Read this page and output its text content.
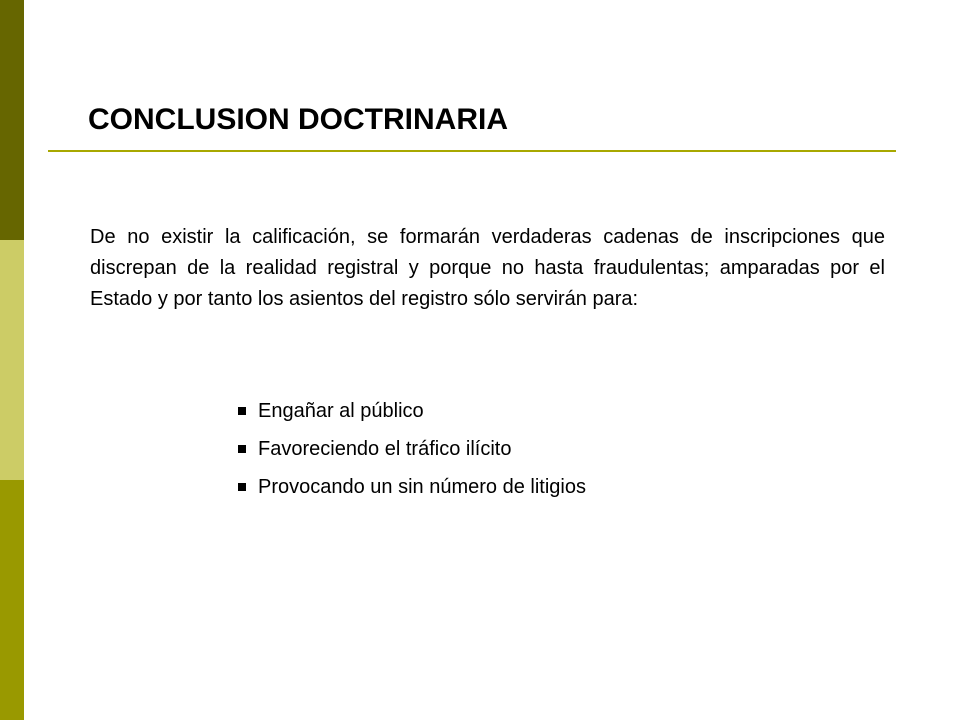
CONCLUSION DOCTRINARIA

De no existir la calificación, se formarán verdaderas cadenas de inscripciones que discrepan de la realidad registral y porque no hasta fraudulentas; amparadas por el Estado y por tanto los asientos del registro sólo servirán para:

Engañar al público
Favoreciendo el tráfico ilícito
Provocando un sin número de litigios
